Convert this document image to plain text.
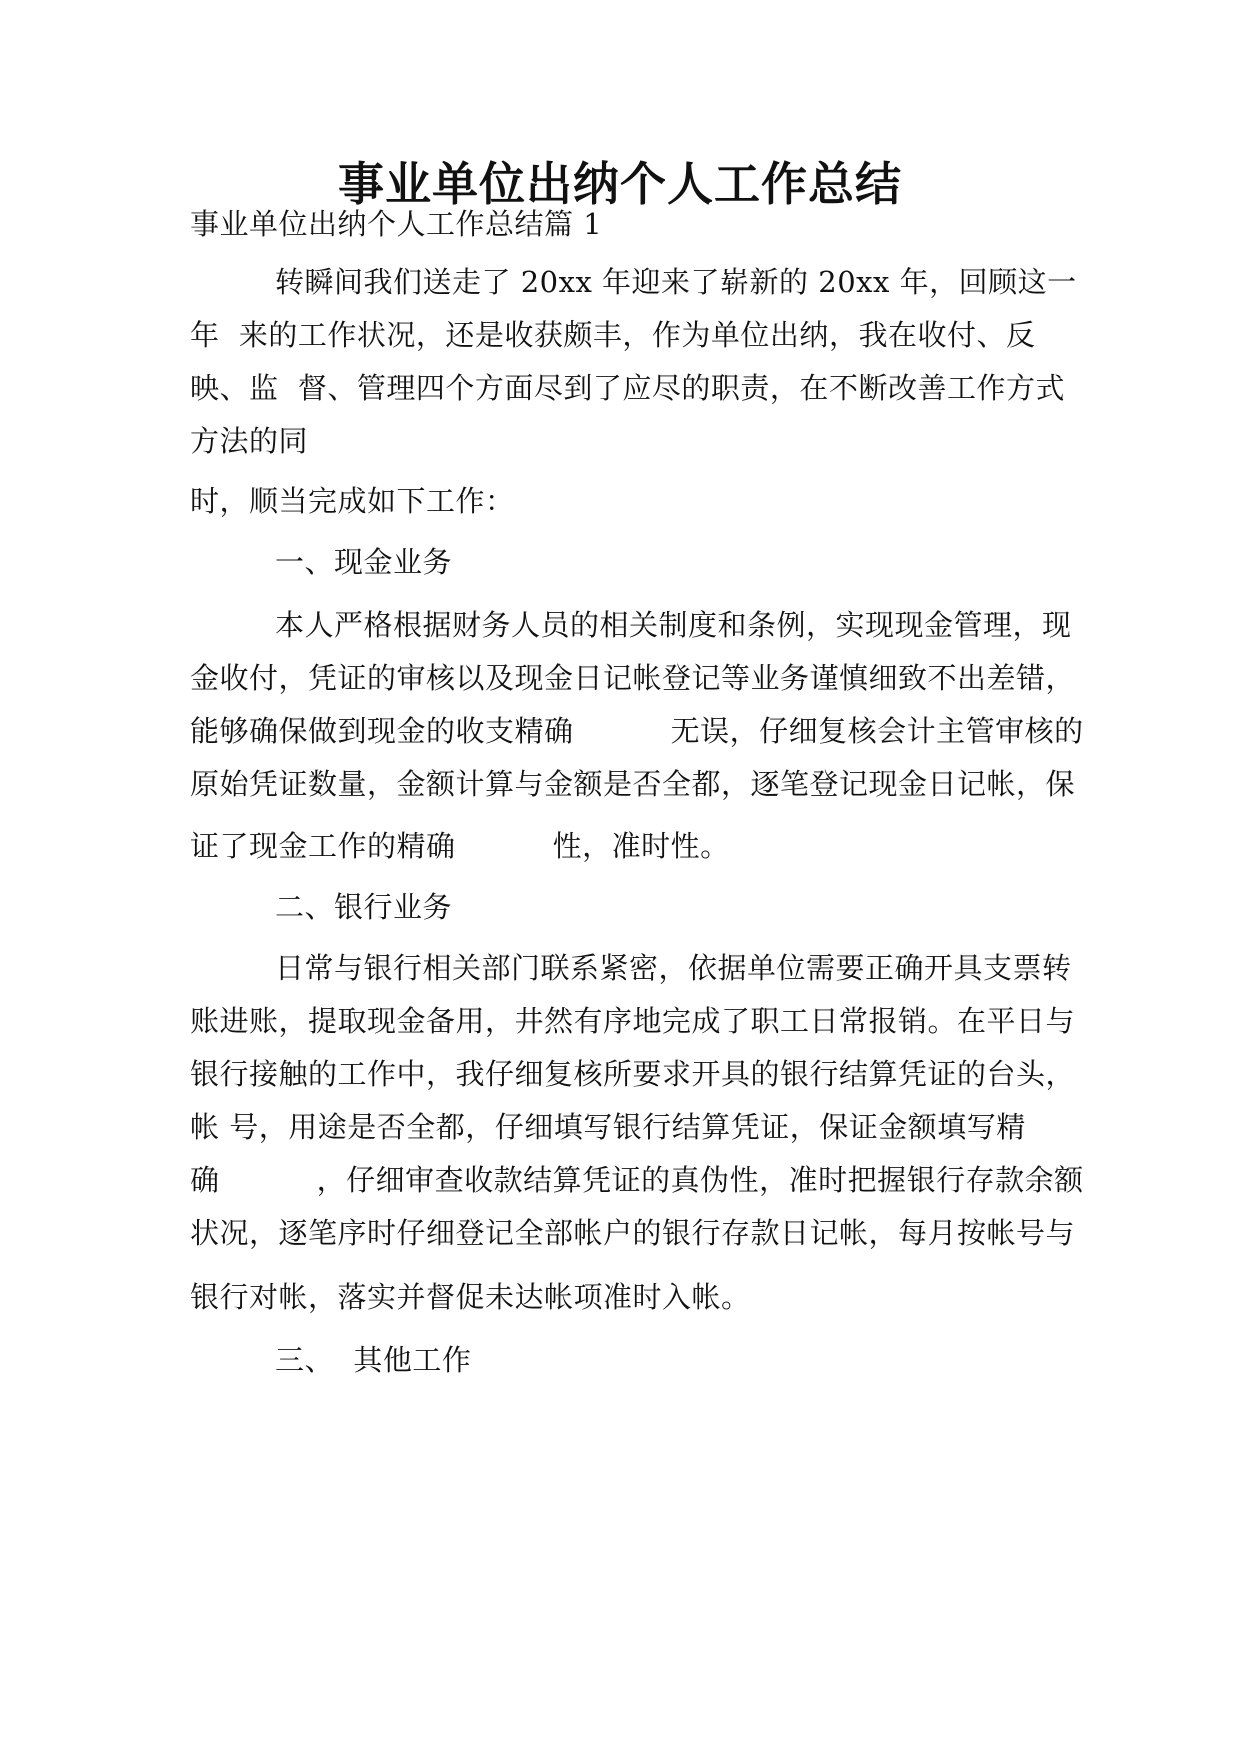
事业单位出纳个人工作总结

事业单位出纳个人工作总结篇 1

转瞬间我们送走了 20xx 年迎来了崭新的 20xx 年，回顾这一

年  来的工作状况，还是收获颇丰，作为单位出纳，我在收付、反

映、监  督、管理四个方面尽到了应尽的职责，在不断改善工作方式

方法的同

时，顺当完成如下工作：

一、现金业务

本人严格根据财务人员的相关制度和条例，实现现金管理，现

金收付，凭证的审核以及现金日记帐登记等业务谨慎细致不出差错，

能够确保做到现金的收支精确          无误，仔细复核会计主管审核的

原始凭证数量，金额计算与金额是否全都，逐笔登记现金日记帐，保

证了现金工作的精确          性，准时性。

二、银行业务

日常与银行相关部门联系紧密，依据单位需要正确开具支票转

账进账，提取现金备用，井然有序地完成了职工日常报销。在平日与

银行接触的工作中，我仔细复核所要求开具的银行结算凭证的台头，

帐 号，用途是否全都，仔细填写银行结算凭证，保证金额填写精

确          ，仔细审查收款结算凭证的真伪性，准时把握银行存款余额

状况，逐笔序时仔细登记全部帐户的银行存款日记帐，每月按帐号与

银行对帐，落实并督促未达帐项准时入帐。

三、  其他工作
